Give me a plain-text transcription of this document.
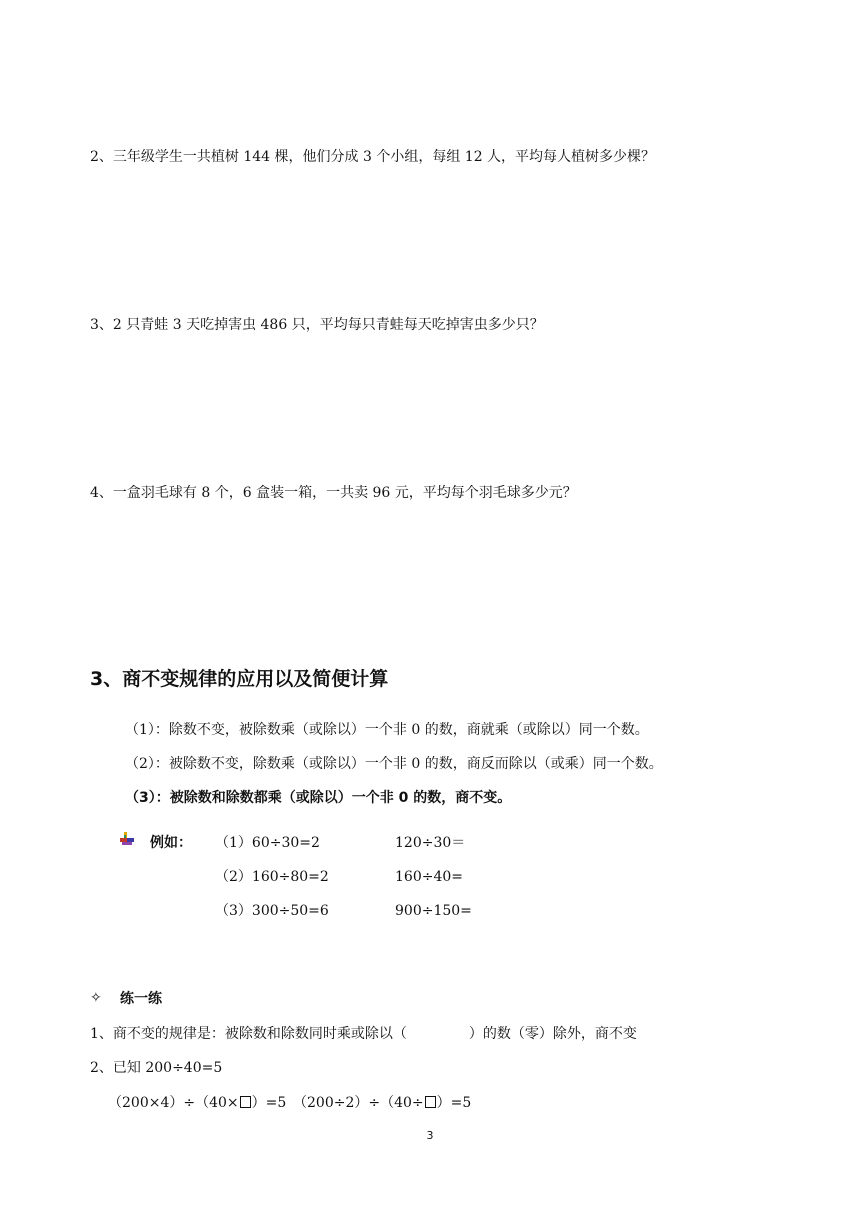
2、三年级学生一共植树 144 棵，他们分成 3 个小组，每组 12 人，平均每人植树多少棵？
3、2 只青蛙 3 天吃掉害虫 486 只，平均每只青蛙每天吃掉害虫多少只？
4、一盒羽毛球有 8 个，6 盒装一箱，一共卖 96 元，平均每个羽毛球多少元？
3、商不变规律的应用以及简便计算
（1）：除数不变，被除数乘（或除以）一个非 0 的数，商就乘（或除以）同一个数。
（2）：被除数不变，除数乘（或除以）一个非 0 的数，商反而除以（或乘）同一个数。
（3）：被除数和除数都乘（或除以）一个非 0 的数，商不变。
例如： （1）60÷30=2	120÷30＝
（2）160÷80=2	160÷40=
（3）300÷50=6	900÷150=
✧ 练一练
1、商不变的规律是：被除数和除数同时乘或除以（	）的数（零）除外，商不变
2、已知 200÷40=5
（200×4）÷（40× ）=5 （200÷2）÷（40÷ ）=5
3
